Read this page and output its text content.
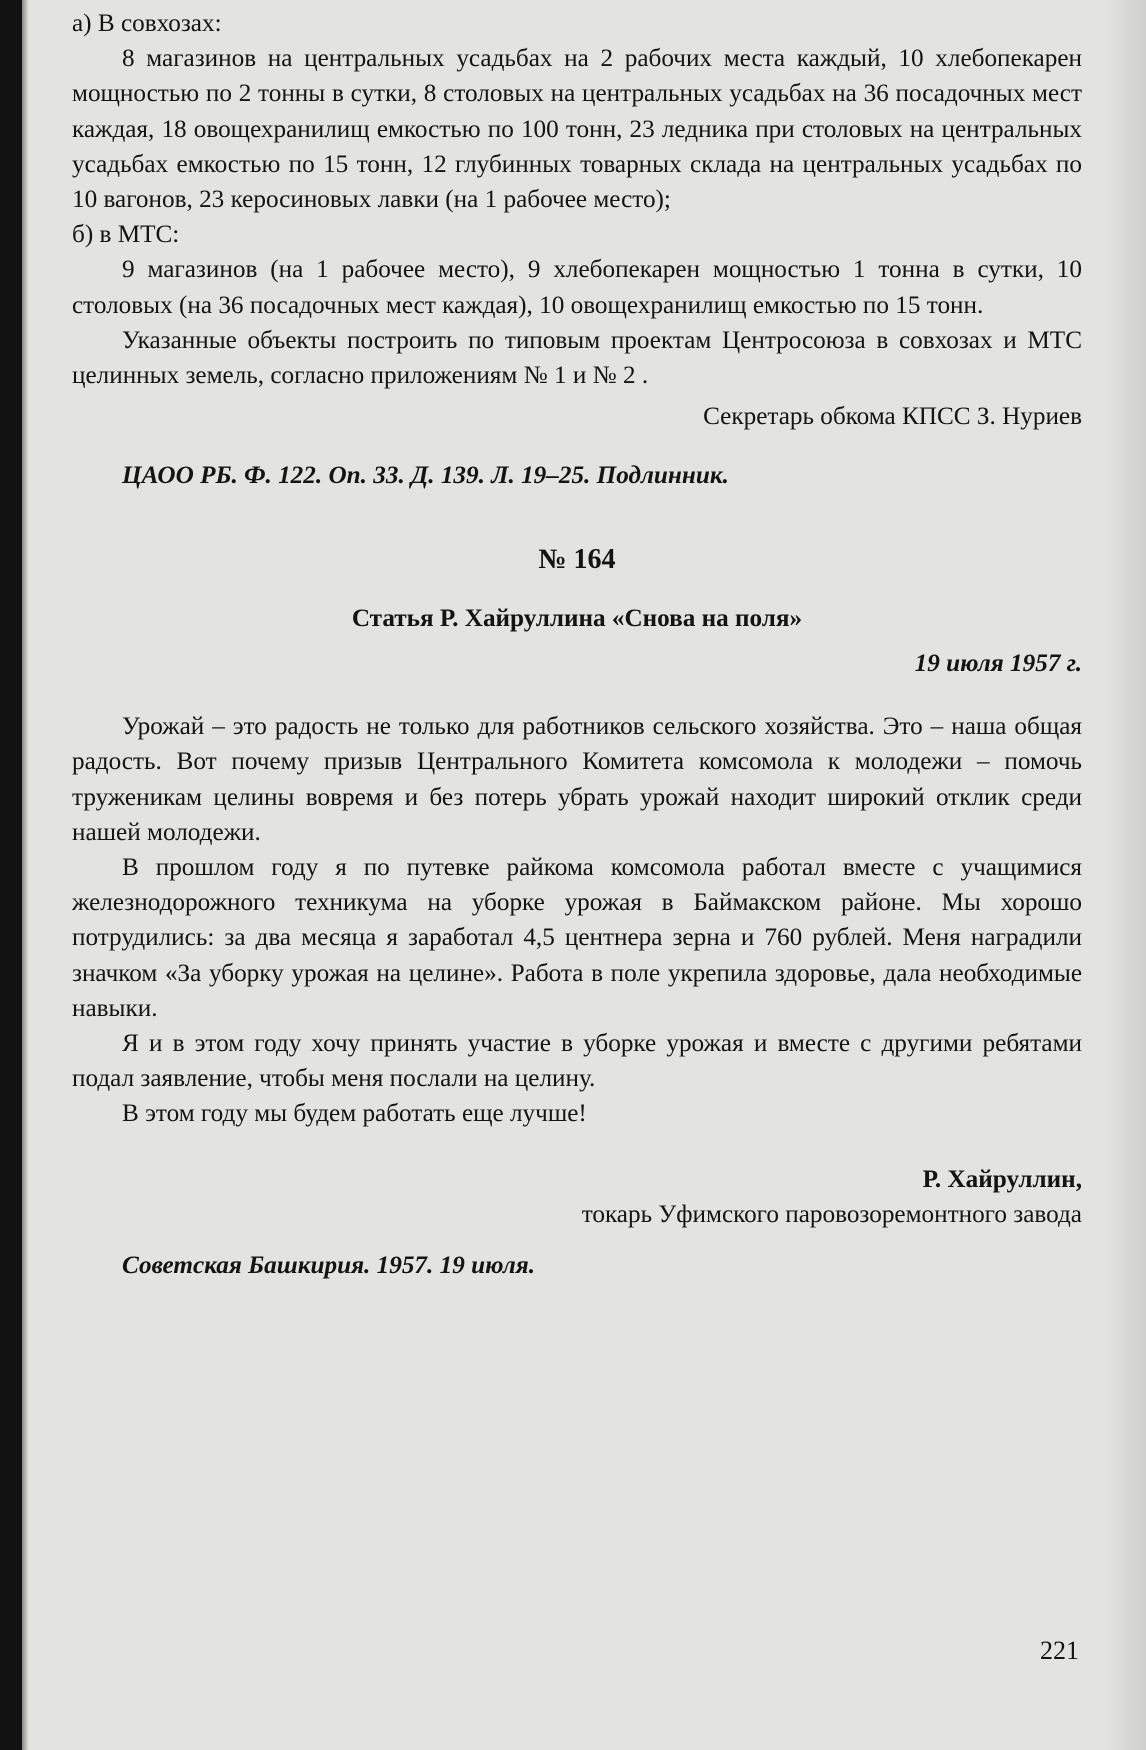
а) В совхозах:

8 магазинов на центральных усадьбах на 2 рабочих места каждый, 10 хлебопекарен мощностью по 2 тонны в сутки, 8 столовых на центральных усадьбах на 36 посадочных мест каждая, 18 овощехранилищ емкостью по 100 тонн, 23 ледника при столовых на центральных усадьбах емкостью по 15 тонн, 12 глубинных товарных склада на центральных усадьбах по 10 вагонов, 23 керосиновых лавки (на 1 рабочее место);

б) в МТС:

9 магазинов (на 1 рабочее место), 9 хлебопекарен мощностью 1 тонна в сутки, 10 столовых (на 36 посадочных мест каждая), 10 овощехранилищ емкостью по 15 тонн.

Указанные объекты построить по типовым проектам Центросоюза в совхозах и МТС целинных земель, согласно приложениям № 1 и № 2 .

Секретарь обкома КПСС З. Нуриев

ЦАОО РБ. Ф. 122. Оп. 33. Д. 139. Л. 19–25. Подлинник.

№ 164

Статья Р. Хайруллина «Снова на поля»

19 июля 1957 г.

Урожай – это радость не только для работников сельского хозяйства. Это – наша общая радость. Вот почему призыв Центрального Комитета комсомола к молодежи – помочь труженикам целины вовремя и без потерь убрать урожай находит широкий отклик среди нашей молодежи.

В прошлом году я по путевке райкома комсомола работал вместе с учащимися железнодорожного техникума на уборке урожая в Баймакском районе. Мы хорошо потрудились: за два месяца я заработал 4,5 центнера зерна и 760 рублей. Меня наградили значком «За уборку урожая на целине». Работа в поле укрепила здоровье, дала необходимые навыки.

Я и в этом году хочу принять участие в уборке урожая и вместе с другими ребятами подал заявление, чтобы меня послали на целину.

В этом году мы будем работать еще лучше!

Р. Хайруллин,

токарь Уфимского паровозоремонтного завода

Советская Башкирия. 1957. 19 июля.

221
